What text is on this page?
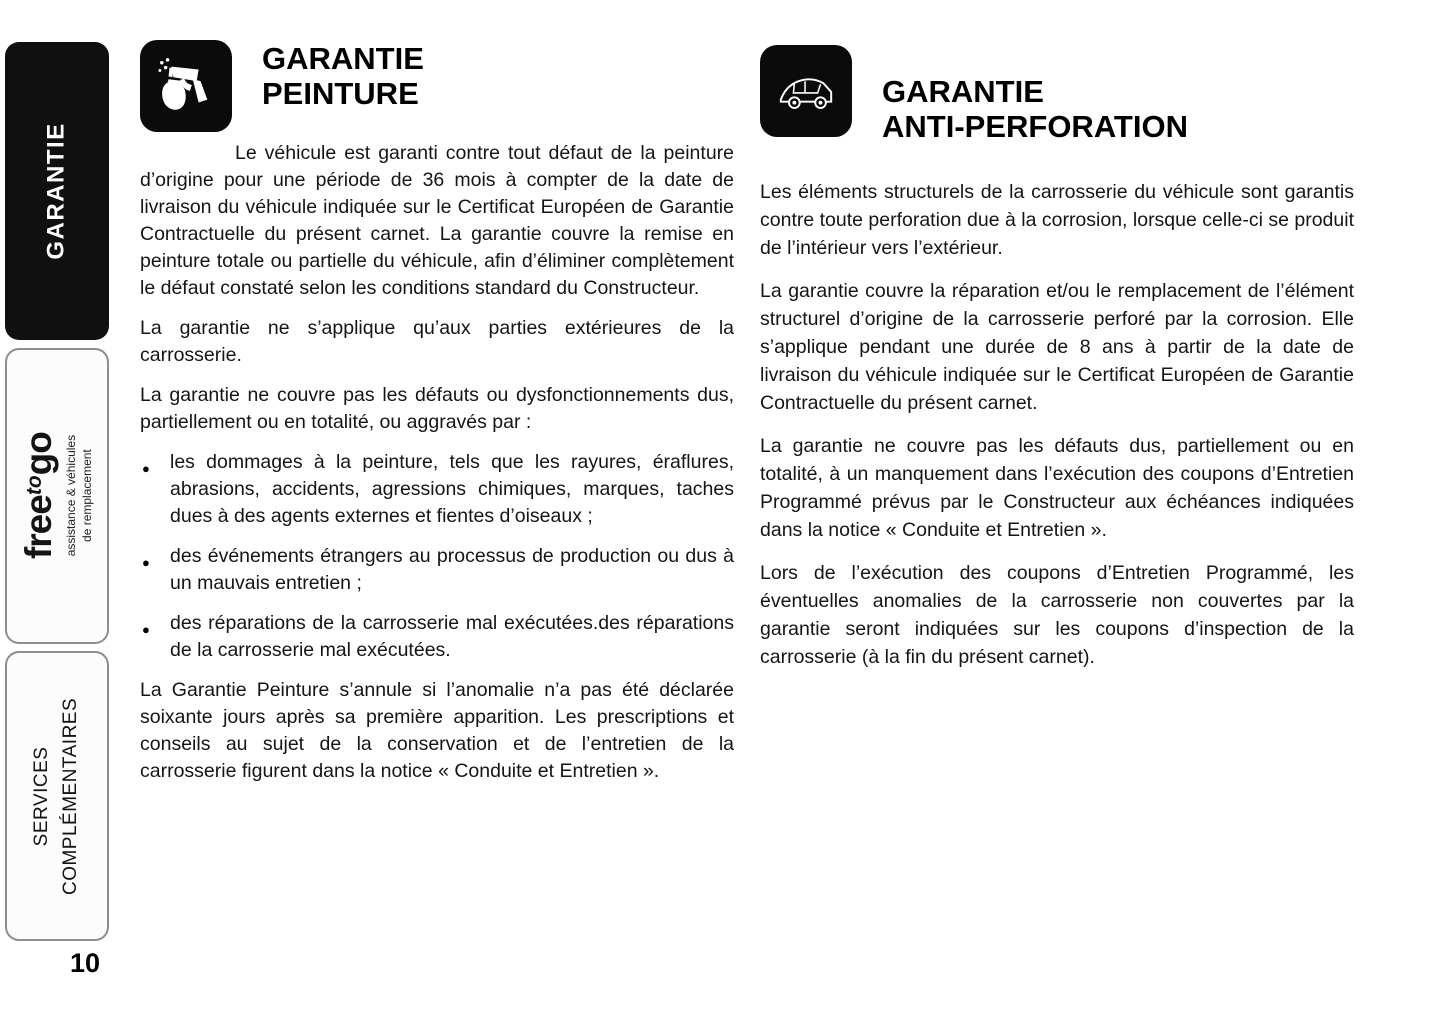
GARANTIE
free$^{to}$go assistance & véhicules de remplacement
SERVICES COMPLÉMENTAIRES
10
GARANTIE
PEINTURE

Le véhicule est garanti contre tout défaut de la peinture d’origine pour une période de 36 mois à compter de la date de livraison du véhicule indiquée sur le Certificat Européen de Garantie Contractuelle du présent carnet. La garantie couvre la remise en peinture totale ou partielle du véhicule, afin d’éliminer complètement le défaut constaté selon les conditions standard du Constructeur.

La garantie ne s’applique qu’aux parties extérieures de la carrosserie.

La garantie ne couvre pas les défauts ou dysfonctionnements dus, partiellement ou en totalité, ou aggravés par :

● les dommages à la peinture, tels que les rayures, éraflures, abrasions, accidents, agressions chimiques, marques, taches dues à des agents externes et fientes d’oiseaux ;
● des événements étrangers au processus de production ou dus à un mauvais entretien ;
● des réparations de la carrosserie mal exécutées.des réparations de la carrosserie mal exécutées.

La Garantie Peinture s’annule si l’anomalie n’a pas été déclarée soixante jours après sa première apparition. Les prescriptions et conseils au sujet de la conservation et de l’entretien de la carrosserie figurent dans la notice « Conduite et Entretien ».

GARANTIE
ANTI-PERFORATION

Les éléments structurels de la carrosserie du véhicule sont garantis contre toute perforation due à la corrosion, lorsque celle-ci se produit de l’intérieur vers l’extérieur.

La garantie couvre la réparation et/ou le remplacement de l’élément structurel d’origine de la carrosserie perforé par la corrosion. Elle s’applique pendant une durée de 8 ans à partir de la date de livraison du véhicule indiquée sur le Certificat Européen de Garantie Contractuelle du présent carnet.

La garantie ne couvre pas les défauts dus, partiellement ou en totalité, à un manquement dans l’exécution des coupons d’Entretien Programmé prévus par le Constructeur aux échéances indiquées dans la notice « Conduite et Entretien ».

Lors de l’exécution des coupons d’Entretien Programmé, les éventuelles anomalies de la carrosserie non couvertes par la garantie seront indiquées sur les coupons d’inspection de la carrosserie (à la fin du présent carnet).
